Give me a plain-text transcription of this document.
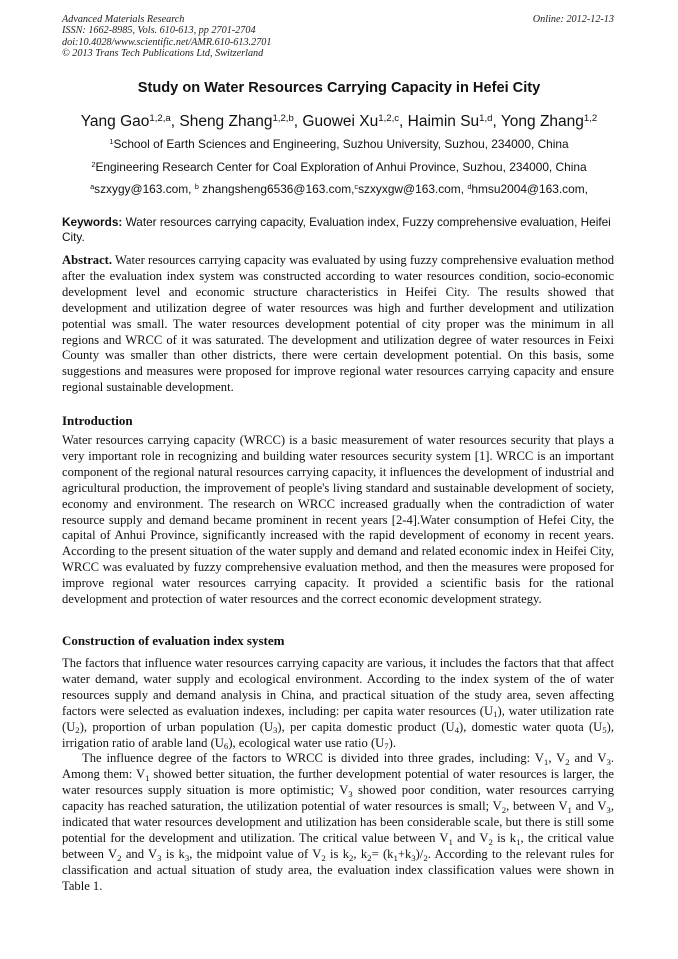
Advanced Materials Research
ISSN: 1662-8985, Vols. 610-613, pp 2701-2704
doi:10.4028/www.scientific.net/AMR.610-613.2701
© 2013 Trans Tech Publications Ltd, Switzerland
Online: 2012-12-13
Study on Water Resources Carrying Capacity in Hefei City
Yang Gao$^{1,2,a}$, Sheng Zhang$^{1,2,b}$, Guowei Xu$^{1,2,c}$, Haimin Su$^{1,d}$, Yong Zhang$^{1,2}$
$^1$School of Earth Sciences and Engineering, Suzhou University, Suzhou, 234000, China
$^2$Engineering Research Center for Coal Exploration of Anhui Province, Suzhou, 234000, China
$^a$szxygy@163.com, $^b$ zhangsheng6536@163.com,$^c$szxyxgw@163.com, $^d$hmsu2004@163.com,
Keywords: Water resources carrying capacity, Evaluation index, Fuzzy comprehensive evaluation, Heifei City.
Abstract. Water resources carrying capacity was evaluated by using fuzzy comprehensive evaluation method after the evaluation index system was constructed according to water resources condition, socio-economic development level and economic structure characteristics in Heifei City. The results showed that development and utilization degree of water resources was high and further development and utilization potential was small. The water resources development potential of city proper was the minimum in all regions and WRCC of it was saturated. The development and utilization degree of water resources in Feixi County was smaller than other districts, there were certain development potential. On this basis, some suggestions and measures were proposed for improve regional water resources carrying capacity and ensure regional sustainable development.
Introduction
Water resources carrying capacity (WRCC) is a basic measurement of water resources security that plays a very important role in recognizing and building water resources security system [1]. WRCC is an important component of the regional natural resources carrying capacity, it influences the development of industrial and agricultural production, the improvement of people's living standard and sustainable development of society, economy and environment. The research on WRCC increased gradually when the contradiction of water resource supply and demand became prominent in recent years [2-4].Water consumption of Hefei City, the capital of Anhui Province, significantly increased with the rapid development of economy in recent years. According to the present situation of the water supply and demand and related economic index in Heifei City, WRCC was evaluated by fuzzy comprehensive evaluation method, and then the measures were proposed for improve regional water resources carrying capacity. It provided a scientific basis for the rational development and protection of water resources and the correct economic development strategy.
Construction of evaluation index system

The factors that influence water resources carrying capacity are various, it includes the factors that that affect water demand, water supply and ecological environment. According to the index system of the of water resources supply and demand analysis in China, and practical situation of the study area, seven affecting factors were selected as evaluation indexes, including: per capita water resources $(U_1)$, water utilization rate $(U_2)$, proportion of urban population $(U_3)$, per capita domestic product $(U_4)$, domestic water quota $(U_5)$, irrigation ratio of arable land $(U_6)$, ecological water use ratio $(U_7)$.

The influence degree of the factors to WRCC is divided into three grades, including: $V_1$, $V_2$ and $V_3$. Among them: $V_1$ showed better situation, the further development potential of water resources is larger, the water resources supply situation is more optimistic; $V_3$ showed poor condition, water resources carrying capacity has reached saturation, the utilization potential of water resources is small; $V_2$, between $V_1$ and $V_3$, indicated that water resources development and utilization has been considerable scale, but there is still some potential for the development and utilization. The critical value between $V_1$ and $V_2$ is $k_1$, the critical value between $V_2$ and $V_3$ is $k_3$, the midpoint value of $V_2$ is $k_2$, $k_2= (k_1+k_3)/_2$. According to the relevant rules for classification and actual situation of study area, the evaluation index classification values were shown in Table 1.
